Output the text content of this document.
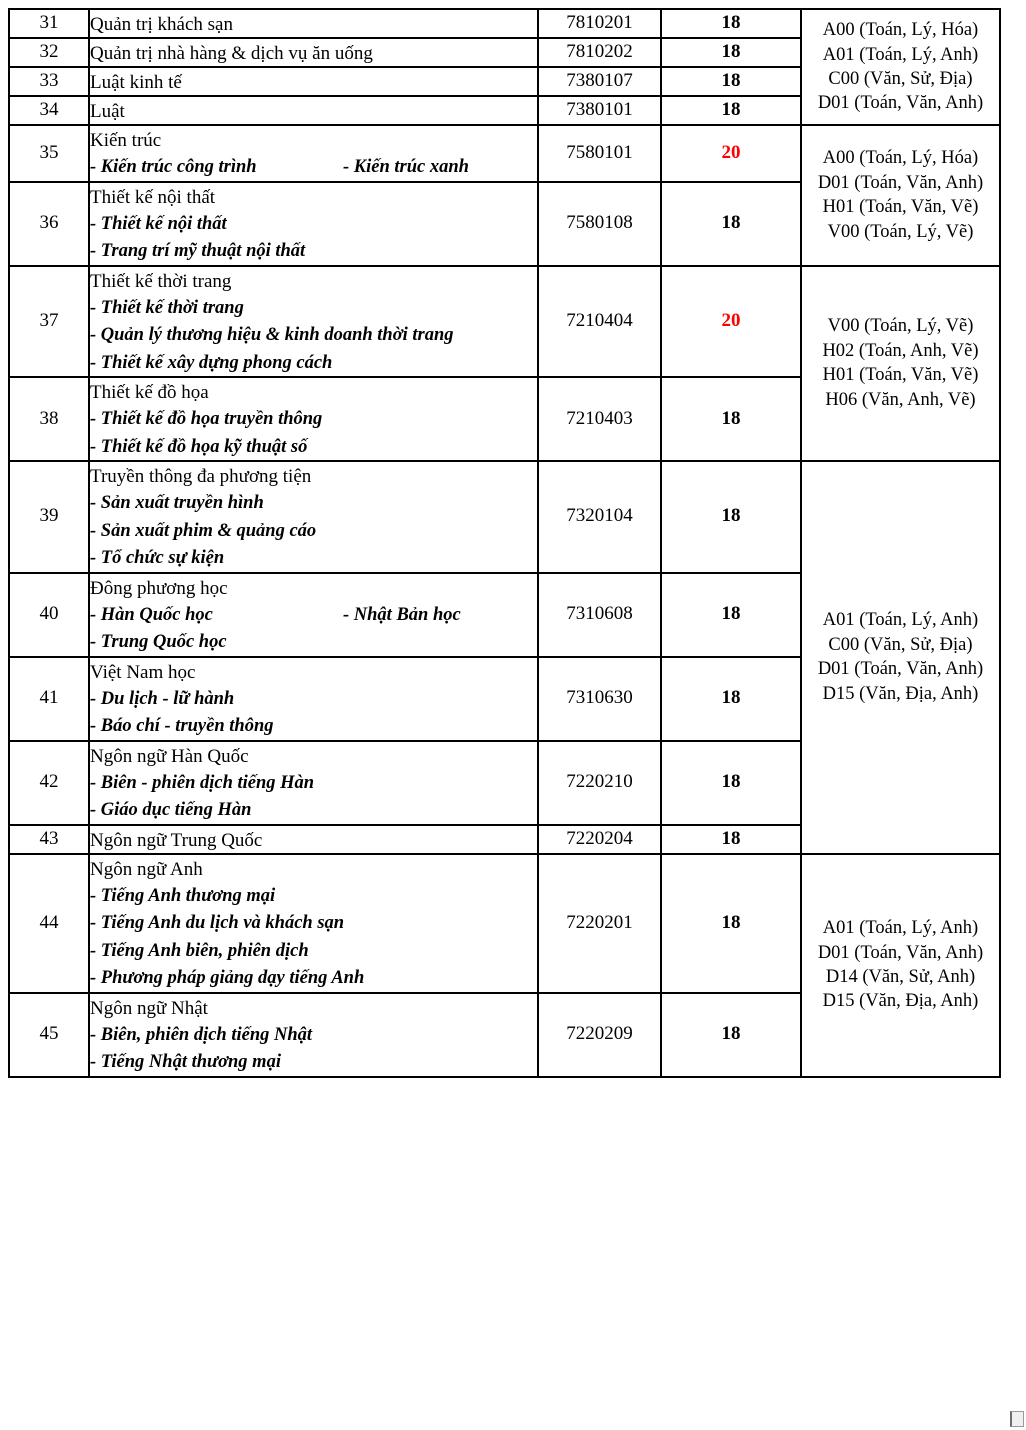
31	Quản trị khách sạn	7810201	18	A00 (Toán, Lý, Hóa)
A01 (Toán, Lý, Anh)
C00 (Văn, Sử, Địa)
D01 (Toán, Văn, Anh)

32	Quản trị nhà hàng & dịch vụ ăn uống	7810202	18	
33	Luật kinh tế	7380107	18	
34	Luật	7380101	18	
35	Kiến trúc
- Kiến trúc công trình - Kiến trúc xanh	7580101	20	A00 (Toán, Lý, Hóa)
D01 (Toán, Văn, Anh)
H01 (Toán, Văn, Vẽ)
V00 (Toán, Lý, Vẽ)

36	Thiết kế nội thất
- Thiết kế nội thất
- Trang trí mỹ thuật nội thất	7580108	18	
37	Thiết kế thời trang
- Thiết kế thời trang
- Quản lý thương hiệu & kinh doanh thời trang
- Thiết kế xây dựng phong cách	7210404	20	V00 (Toán, Lý, Vẽ)
H02 (Toán, Anh, Vẽ)
H01 (Toán, Văn, Vẽ)
H06 (Văn, Anh, Vẽ)

38	Thiết kế đồ họa
- Thiết kế đồ họa truyền thông
- Thiết kế đồ họa kỹ thuật số	7210403	18	
39	Truyền thông đa phương tiện
- Sản xuất truyền hình
- Sản xuất phim & quảng cáo
- Tổ chức sự kiện	7320104	18	A01 (Toán, Lý, Anh)
C00 (Văn, Sử, Địa)
D01 (Toán, Văn, Anh)
D15 (Văn, Địa, Anh)

40	Đông phương học
- Hàn Quốc học - Nhật Bản học
- Trung Quốc học	7310608	18	
41	Việt Nam học
- Du lịch - lữ hành
- Báo chí - truyền thông	7310630	18	
42	Ngôn ngữ Hàn Quốc
- Biên - phiên dịch tiếng Hàn
- Giáo dục tiếng Hàn	7220210	18	
43	Ngôn ngữ Trung Quốc	7220204	18	
44	Ngôn ngữ Anh
- Tiếng Anh thương mại
- Tiếng Anh du lịch và khách sạn
- Tiếng Anh biên, phiên dịch
- Phương pháp giảng dạy tiếng Anh	7220201	18	A01 (Toán, Lý, Anh)
D01 (Toán, Văn, Anh)
D14 (Văn, Sử, Anh)
D15 (Văn, Địa, Anh)

45	Ngôn ngữ Nhật
- Biên, phiên dịch tiếng Nhật
- Tiếng Nhật thương mại	7220209	18	
